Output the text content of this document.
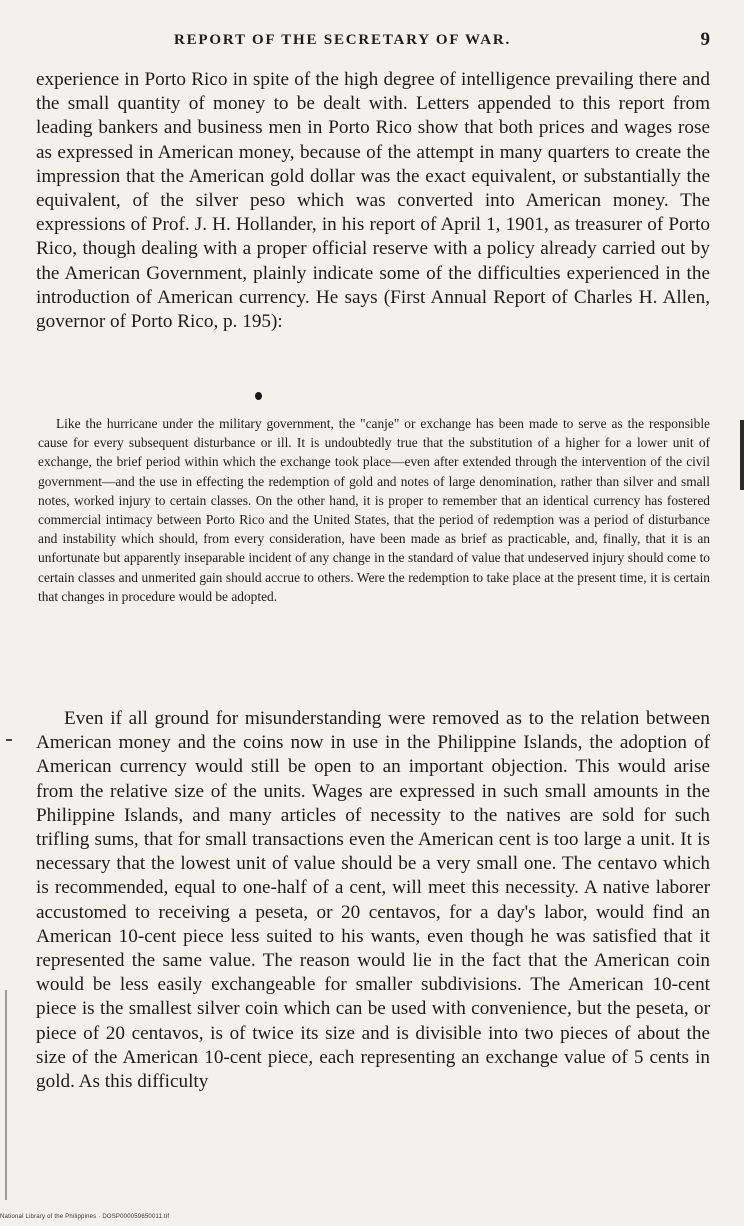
REPORT OF THE SECRETARY OF WAR.	9

experience in Porto Rico in spite of the high degree of intelligence prevailing there and the small quantity of money to be dealt with. Letters appended to this report from leading bankers and business men in Porto Rico show that both prices and wages rose as expressed in American money, because of the attempt in many quarters to create the impression that the American gold dollar was the exact equivalent, or substantially the equivalent, of the silver peso which was converted into American money. The expressions of Prof. J. H. Hollander, in his report of April 1, 1901, as treasurer of Porto Rico, though dealing with a proper official reserve with a policy already carried out by the American Government, plainly indicate some of the difficulties experienced in the introduction of American currency. He says (First Annual Report of Charles H. Allen, governor of Porto Rico, p. 195):

Like the hurricane under the military government, the "canje" or exchange has been made to serve as the responsible cause for every subsequent disturbance or ill. It is undoubtedly true that the substitution of a higher for a lower unit of exchange, the brief period within which the exchange took place—even after extended through the intervention of the civil government—and the use in effecting the redemption of gold and notes of large denomination, rather than silver and small notes, worked injury to certain classes. On the other hand, it is proper to remember that an identical currency has fostered commercial intimacy between Porto Rico and the United States, that the period of redemption was a period of disturbance and instability which should, from every consideration, have been made as brief as practicable, and, finally, that it is an unfortunate but apparently inseparable incident of any change in the standard of value that undeserved injury should come to certain classes and unmerited gain should accrue to others. Were the redemption to take place at the present time, it is certain that changes in procedure would be adopted.

Even if all ground for misunderstanding were removed as to the relation between American money and the coins now in use in the Philippine Islands, the adoption of American currency would still be open to an important objection. This would arise from the relative size of the units. Wages are expressed in such small amounts in the Philippine Islands, and many articles of necessity to the natives are sold for such trifling sums, that for small transactions even the American cent is too large a unit. It is necessary that the lowest unit of value should be a very small one. The centavo which is recommended, equal to one-half of a cent, will meet this necessity. A native laborer accustomed to receiving a peseta, or 20 centavos, for a day's labor, would find an American 10-cent piece less suited to his wants, even though he was satisfied that it represented the same value. The reason would lie in the fact that the American coin would be less easily exchangeable for smaller subdivisions. The American 10-cent piece is the smallest silver coin which can be used with convenience, but the peseta, or piece of 20 centavos, is of twice its size and is divisible into two pieces of about the size of the American 10-cent piece, each representing an exchange value of 5 cents in gold. As this difficulty

National Library of the Philippines · DOSP000059650011.tif
